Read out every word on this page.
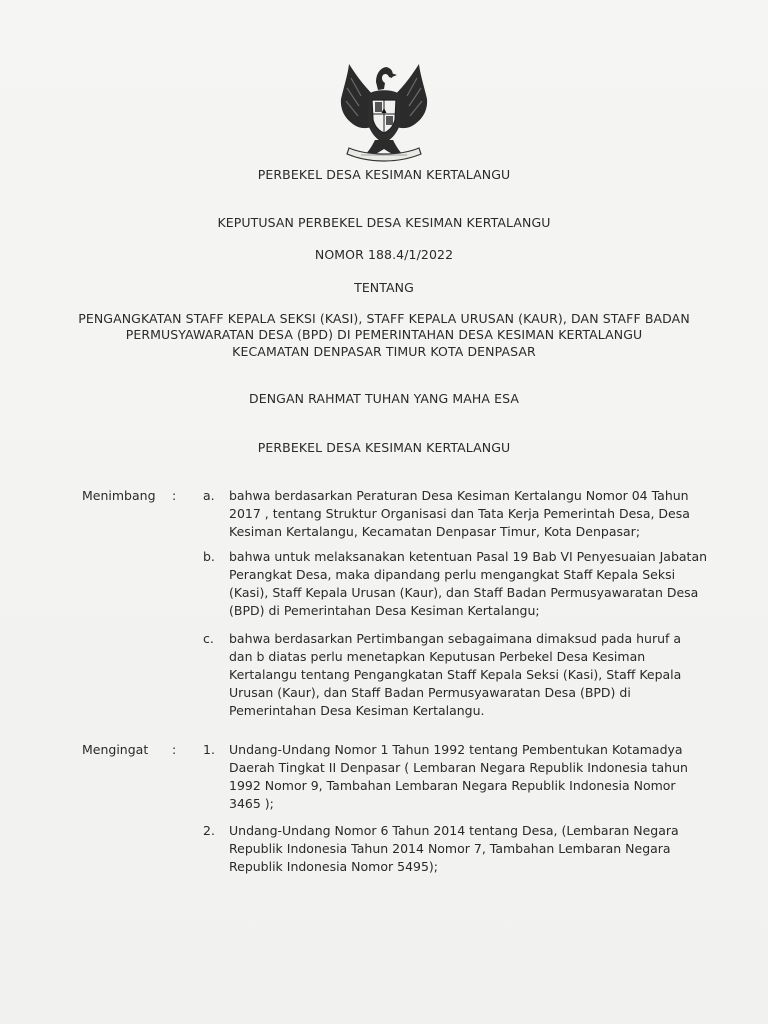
PERBEKEL DESA KESIMAN KERTALANGU
KEPUTUSAN PERBEKEL DESA KESIMAN KERTALANGU
NOMOR 188.4/1/2022
TENTANG
PENGANGKATAN STAFF KEPALA SEKSI (KASI), STAFF KEPALA URUSAN (KAUR), DAN STAFF BADAN
PERMUSYAWARATAN DESA (BPD) DI PEMERINTAHAN DESA KESIMAN KERTALANGU
KECAMATAN DENPASAR TIMUR KOTA DENPASAR
DENGAN RAHMAT TUHAN YANG MAHA ESA
PERBEKEL DESA KESIMAN KERTALANGU
Menimbang : a. bahwa berdasarkan Peraturan Desa Kesiman Kertalangu Nomor 04 Tahun
2017 , tentang Struktur Organisasi dan Tata Kerja Pemerintah Desa, Desa
Kesiman Kertalangu, Kecamatan Denpasar Timur, Kota Denpasar;
b. bahwa untuk melaksanakan ketentuan Pasal 19 Bab VI Penyesuaian Jabatan
Perangkat Desa, maka dipandang perlu mengangkat Staff Kepala Seksi
(Kasi), Staff Kepala Urusan (Kaur), dan Staff Badan Permusyawaratan Desa
(BPD) di Pemerintahan Desa Kesiman Kertalangu;
c. bahwa berdasarkan Pertimbangan sebagaimana dimaksud pada huruf a
dan b diatas perlu menetapkan Keputusan Perbekel Desa Kesiman
Kertalangu tentang Pengangkatan Staff Kepala Seksi (Kasi), Staff Kepala
Urusan (Kaur), dan Staff Badan Permusyawaratan Desa (BPD) di
Pemerintahan Desa Kesiman Kertalangu.
Mengingat : 1. Undang-Undang Nomor 1 Tahun 1992 tentang Pembentukan Kotamadya
Daerah Tingkat II Denpasar ( Lembaran Negara Republik Indonesia tahun
1992 Nomor 9, Tambahan Lembaran Negara Republik Indonesia Nomor
3465 );
2. Undang-Undang Nomor 6 Tahun 2014 tentang Desa, (Lembaran Negara
Republik Indonesia Tahun 2014 Nomor 7, Tambahan Lembaran Negara
Republik Indonesia Nomor 5495);
